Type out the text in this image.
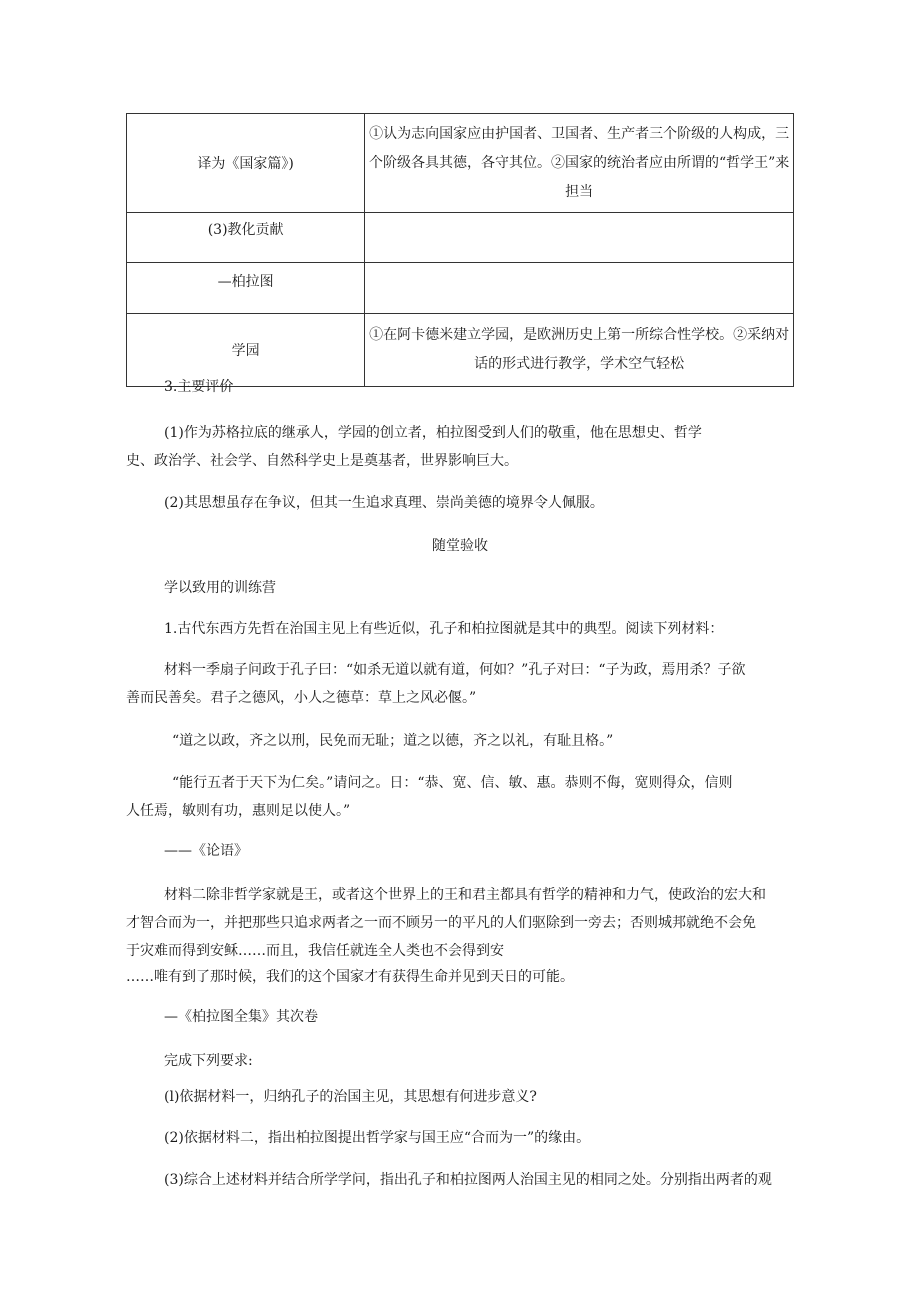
译为《国家篇》)	①认为志向国家应由护国者、卫国者、生产者三个阶级的人构成，三个阶级各具其德，各守其位。②国家的统治者应由所谓的“哲学王”来担当
(3)教化贡献	
—柏拉图	
学园	①在阿卡德米建立学园，是欧洲历史上第一所综合性学校。②采纳对话的形式进行教学，学术空气轻松
3.主要评价
(1)作为苏格拉底的继承人，学园的创立者，柏拉图受到人们的敬重，他在思想史、哲学
史、政治学、社会学、自然科学史上是奠基者，世界影响巨大。
(2)其思想虽存在争议，但其一生追求真理、崇尚美德的境界令人佩服。
随堂验收
学以致用的训练营
1.古代东西方先哲在治国主见上有些近似，孔子和柏拉图就是其中的典型。阅读下列材料：
材料一季扇子问政于孔子曰：“如杀无道以就有道，何如？”孔子对曰：“子为政，焉用杀？子欲
善而民善矣。君子之德风，小人之德草：草上之风必偃。”
“道之以政，齐之以刑，民免而无耻；道之以德，齐之以礼，有耻且格。”
“能行五者于天下为仁矣。”请问之。日：“恭、宽、信、敏、惠。恭则不侮，宽则得众，信则
人任焉，敏则有功，惠则足以使人。”
——《论语》
材料二除非哲学家就是王，或者这个世界上的王和君主都具有哲学的精神和力气，使政治的宏大和
才智合而为一，并把那些只追求两者之一而不顾另一的平凡的人们驱除到一旁去；否则城邦就绝不会免
于灾难而得到安稣……而且，我信任就连全人类也不会得到安
……唯有到了那时候，我们的这个国家才有获得生命并见到天日的可能。
—《柏拉图全集》其次卷
完成下列要求:
(l)依据材料一，归纳孔子的治国主见，其思想有何进步意义?
(2)依据材料二，指出柏拉图提出哲学家与国王应“合而为一”的缘由。
(3)综合上述材料并结合所学学问，指出孔子和柏拉图两人治国主见的相同之处。分别指出两者的观
